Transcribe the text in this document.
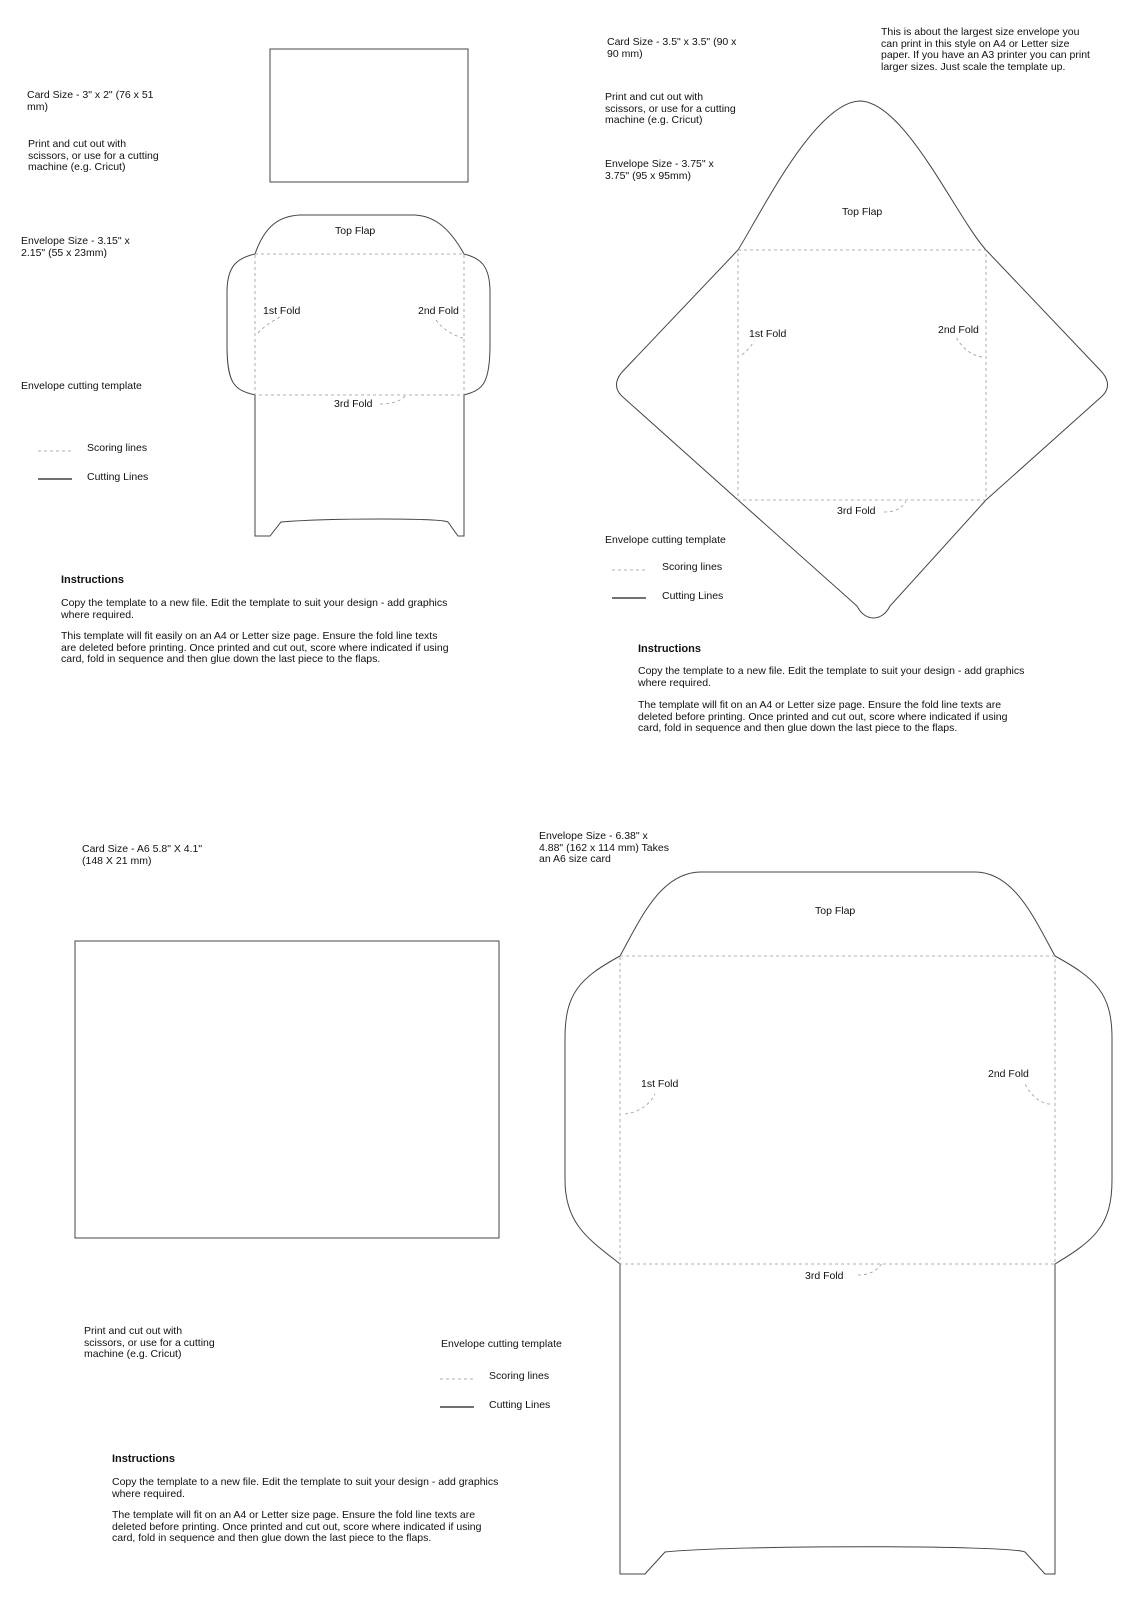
Card Size - 3" x 2" (76 x 51
mm)
Print and cut out with
scissors, or use for a cutting
machine (e.g. Cricut)
Envelope Size - 3.15" x
2.15" (55 x 23mm)
Envelope cutting template
Scoring lines
Cutting Lines
Top Flap
1st Fold	2nd Fold
3rd Fold
Instructions
Copy the template to a new file. Edit the template to suit your design - add graphics
where required.
This template will fit easily on an A4 or Letter size page. Ensure the fold line texts
are deleted before printing. Once printed and cut out, score where indicated if using
card, fold in sequence and then glue down the last piece to the flaps.
Card Size - 3.5" x 3.5" (90 x
90 mm)
This is about the largest size envelope you
can print in this style on A4 or Letter size
paper. If you have an A3 printer you can print
larger sizes. Just scale the template up.
Print and cut out with
scissors, or use for a cutting
machine (e.g. Cricut)
Envelope Size - 3.75" x
3.75" (95 x 95mm)
Top Flap
1st Fold	2nd Fold
3rd Fold
Envelope cutting template
Scoring lines
Cutting Lines
Instructions
Copy the template to a new file. Edit the template to suit your design - add graphics
where required.
The template will fit on an A4 or Letter size page. Ensure the fold line texts are
deleted before printing. Once printed and cut out, score where indicated if using
card, fold in sequence and then glue down the last piece to the flaps.
Card Size - A6 5.8" X 4.1"
(148 X 21 mm)
Print and cut out with
scissors, or use for a cutting
machine (e.g. Cricut)
Envelope cutting template
Scoring lines
Cutting Lines
Instructions
Copy the template to a new file. Edit the template to suit your design - add graphics
where required.
The template will fit on an A4 or Letter size page. Ensure the fold line texts are
deleted before printing. Once printed and cut out, score where indicated if using
card, fold in sequence and then glue down the last piece to the flaps.
Envelope Size - 6.38" x
4.88" (162 x 114 mm) Takes
an A6 size card
Top Flap
1st Fold
2nd Fold
3rd Fold
